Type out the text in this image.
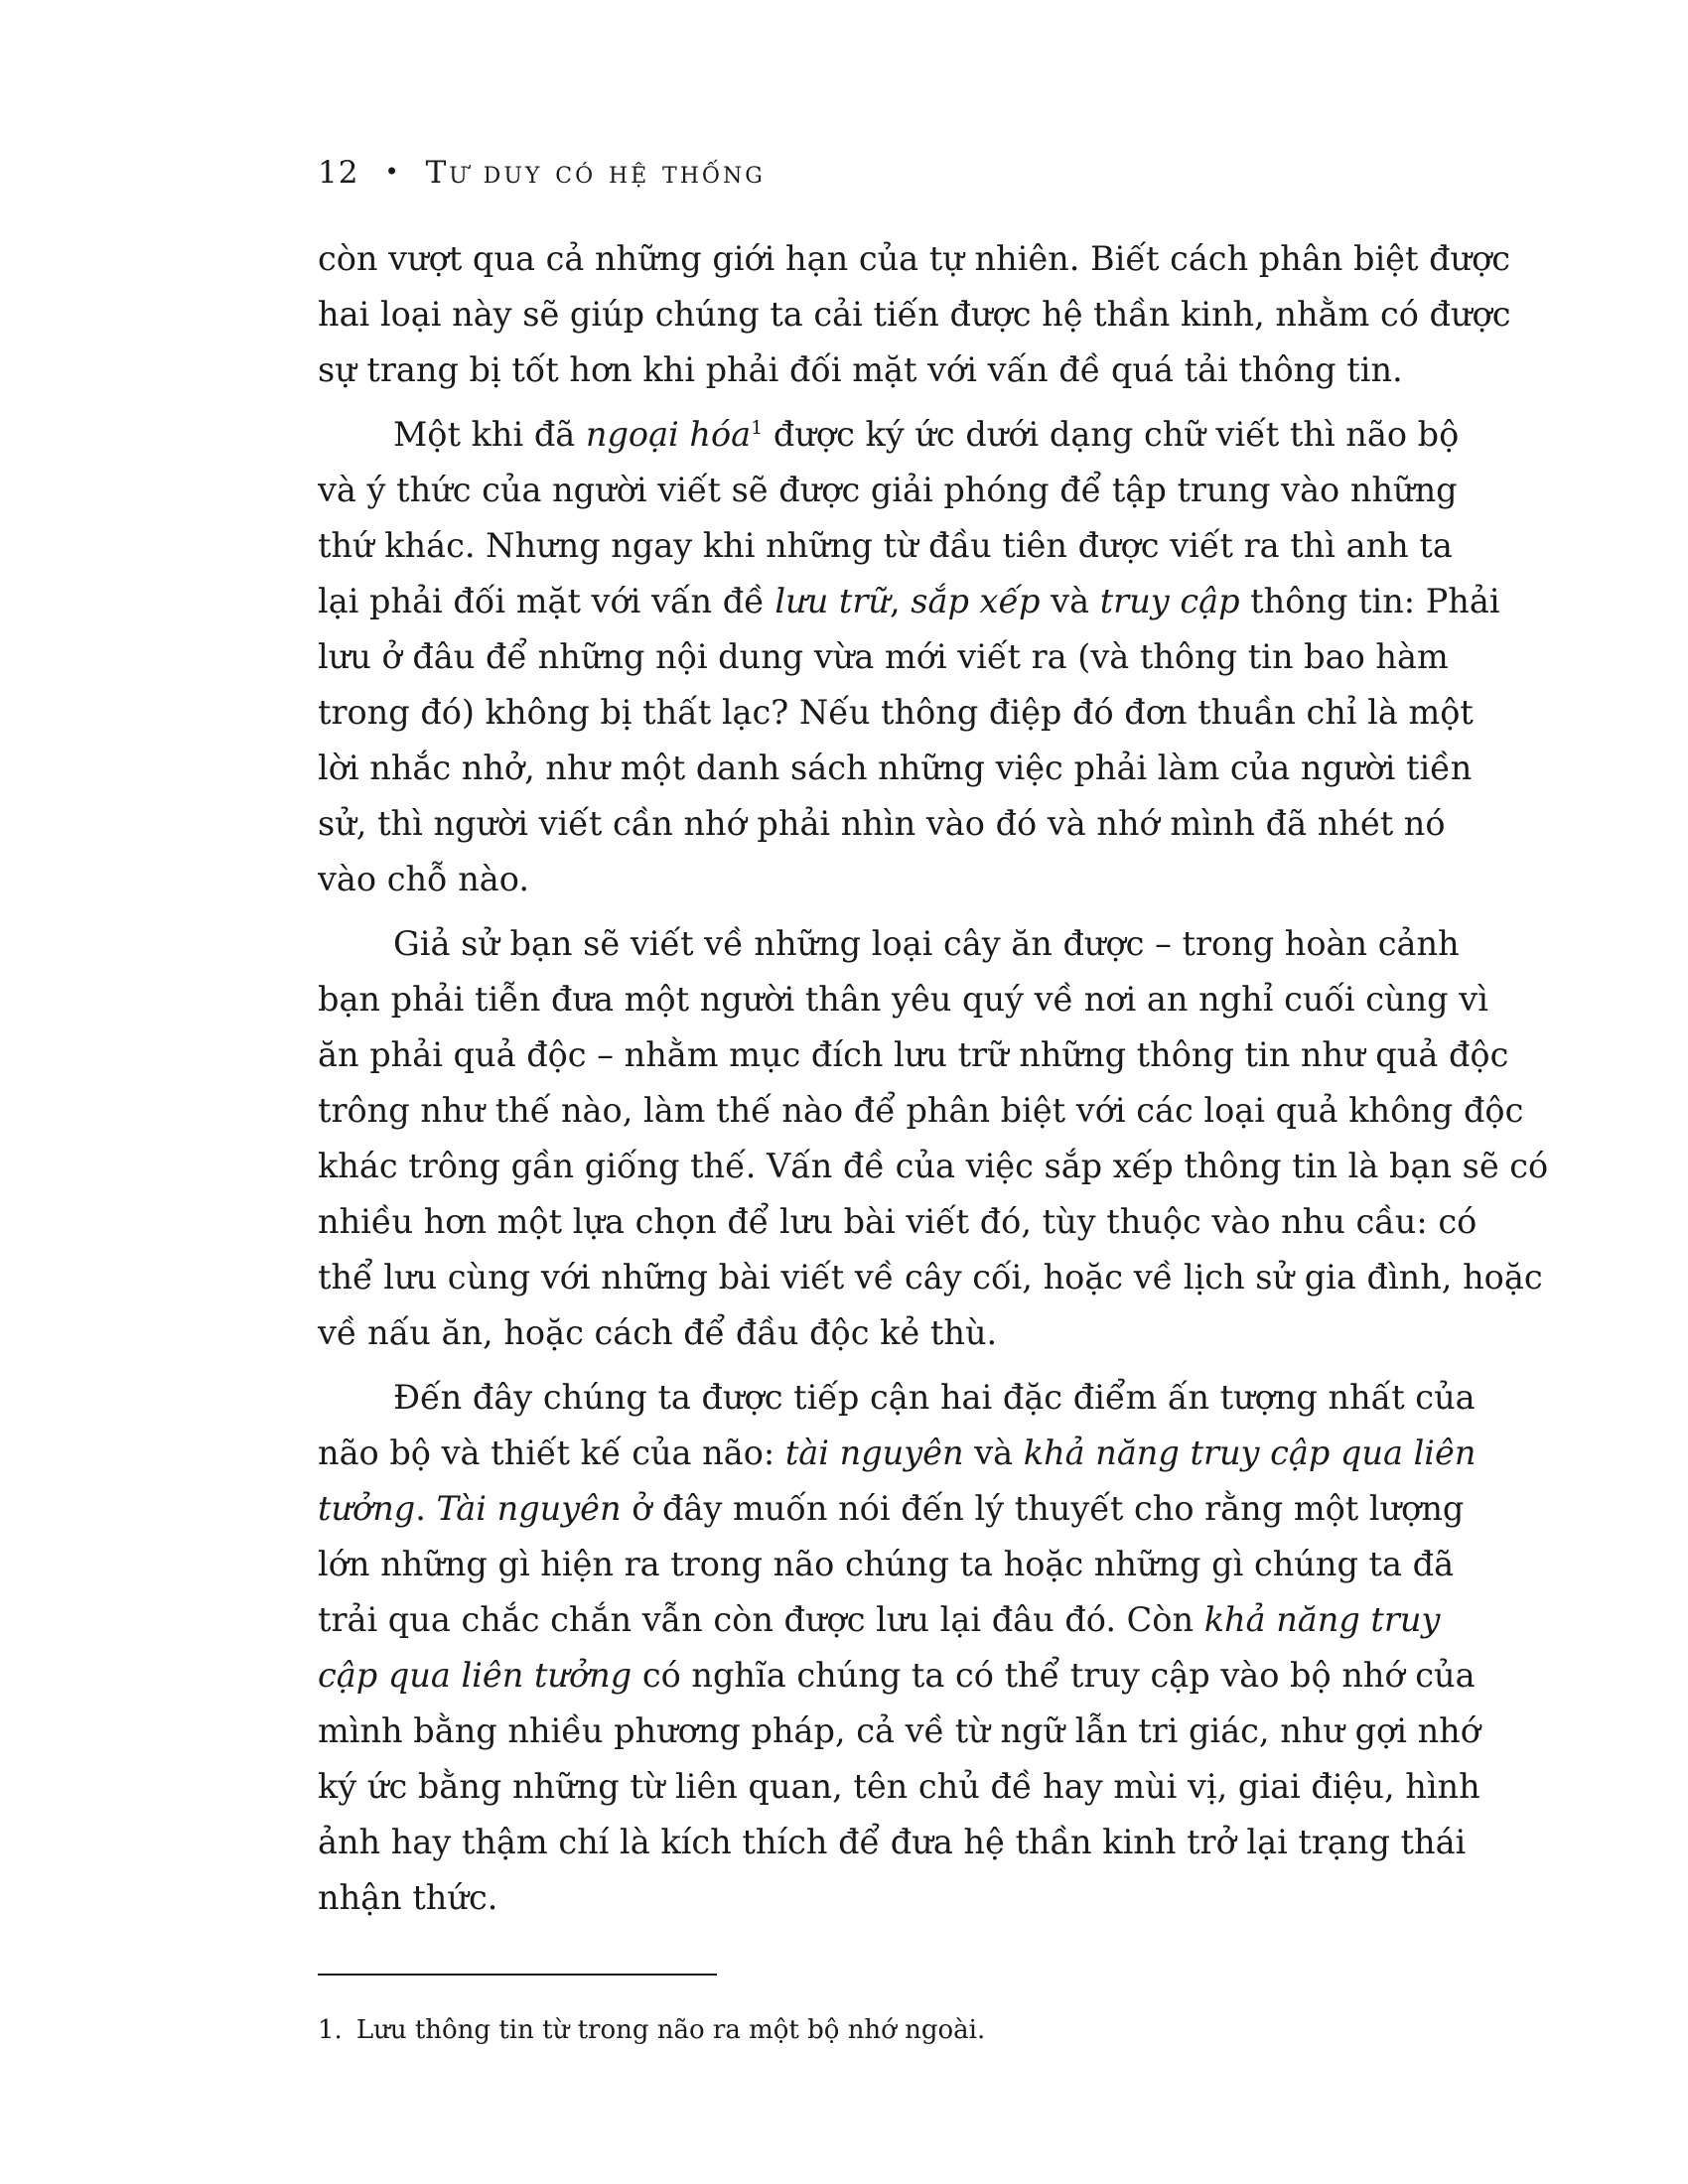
12 • Tư duy có hệ thống
còn vượt qua cả những giới hạn của tự nhiên. Biết cách phân biệt được
hai loại này sẽ giúp chúng ta cải tiến được hệ thần kinh, nhằm có được
sự trang bị tốt hơn khi phải đối mặt với vấn đề quá tải thông tin.
Một khi đã ngoại hóa$^1$ được ký ức dưới dạng chữ viết thì não bộ
và ý thức của người viết sẽ được giải phóng để tập trung vào những
thứ khác. Nhưng ngay khi những từ đầu tiên được viết ra thì anh ta
lại phải đối mặt với vấn đề lưu trữ, sắp xếp và truy cập thông tin: Phải
lưu ở đâu để những nội dung vừa mới viết ra (và thông tin bao hàm
trong đó) không bị thất lạc? Nếu thông điệp đó đơn thuần chỉ là một
lời nhắc nhở, như một danh sách những việc phải làm của người tiền
sử, thì người viết cần nhớ phải nhìn vào đó và nhớ mình đã nhét nó
vào chỗ nào.
Giả sử bạn sẽ viết về những loại cây ăn được – trong hoàn cảnh
bạn phải tiễn đưa một người thân yêu quý về nơi an nghỉ cuối cùng vì
ăn phải quả độc – nhằm mục đích lưu trữ những thông tin như quả độc
trông như thế nào, làm thế nào để phân biệt với các loại quả không độc
khác trông gần giống thế. Vấn đề của việc sắp xếp thông tin là bạn sẽ có
nhiều hơn một lựa chọn để lưu bài viết đó, tùy thuộc vào nhu cầu: có
thể lưu cùng với những bài viết về cây cối, hoặc về lịch sử gia đình, hoặc
về nấu ăn, hoặc cách để đầu độc kẻ thù.
Đến đây chúng ta được tiếp cận hai đặc điểm ấn tượng nhất của
não bộ và thiết kế của não: tài nguyên và khả năng truy cập qua liên
tưởng. Tài nguyên ở đây muốn nói đến lý thuyết cho rằng một lượng
lớn những gì hiện ra trong não chúng ta hoặc những gì chúng ta đã
trải qua chắc chắn vẫn còn được lưu lại đâu đó. Còn khả năng truy
cập qua liên tưởng có nghĩa chúng ta có thể truy cập vào bộ nhớ của
mình bằng nhiều phương pháp, cả về từ ngữ lẫn tri giác, như gợi nhớ
ký ức bằng những từ liên quan, tên chủ đề hay mùi vị, giai điệu, hình
ảnh hay thậm chí là kích thích để đưa hệ thần kinh trở lại trạng thái
nhận thức.
1. Lưu thông tin từ trong não ra một bộ nhớ ngoài.
